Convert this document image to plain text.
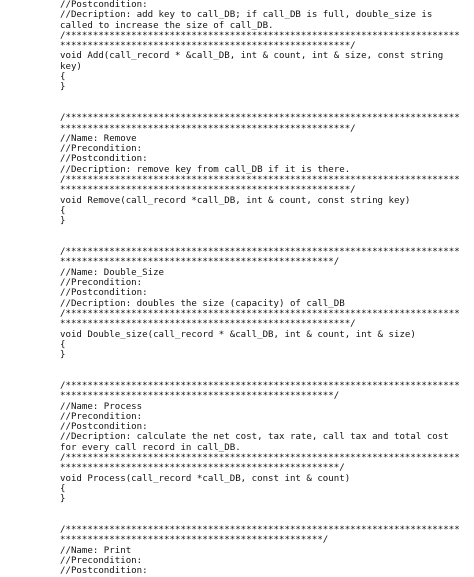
//Postcondition:
//Decription: add key to call_DB; if call_DB is full, double_size is
called to increase the size of call_DB.
/************************************************************************
*****************************************************/
void Add(call_record * &call_DB, int & count, int & size, const string
key)
{
}
/************************************************************************
*****************************************************/
//Name: Remove
//Precondition:
//Postcondition:
//Decription: remove key from call_DB if it is there.
/************************************************************************
*****************************************************/
void Remove(call_record *call_DB, int & count, const string key)
{
}
/************************************************************************
**************************************************/
//Name: Double_Size
//Precondition:
//Postcondition:
//Decription: doubles the size (capacity) of call_DB
/************************************************************************
*****************************************************/
void Double_size(call_record * &call_DB, int & count, int & size)
{
}
/************************************************************************
**************************************************/
//Name: Process
//Precondition:
//Postcondition:
//Decription: calculate the net cost, tax rate, call tax and total cost
for every call record in call_DB.
/************************************************************************
***************************************************/
void Process(call_record *call_DB, const int & count)
{
}
/************************************************************************
************************************************/
//Name: Print
//Precondition:
//Postcondition:
